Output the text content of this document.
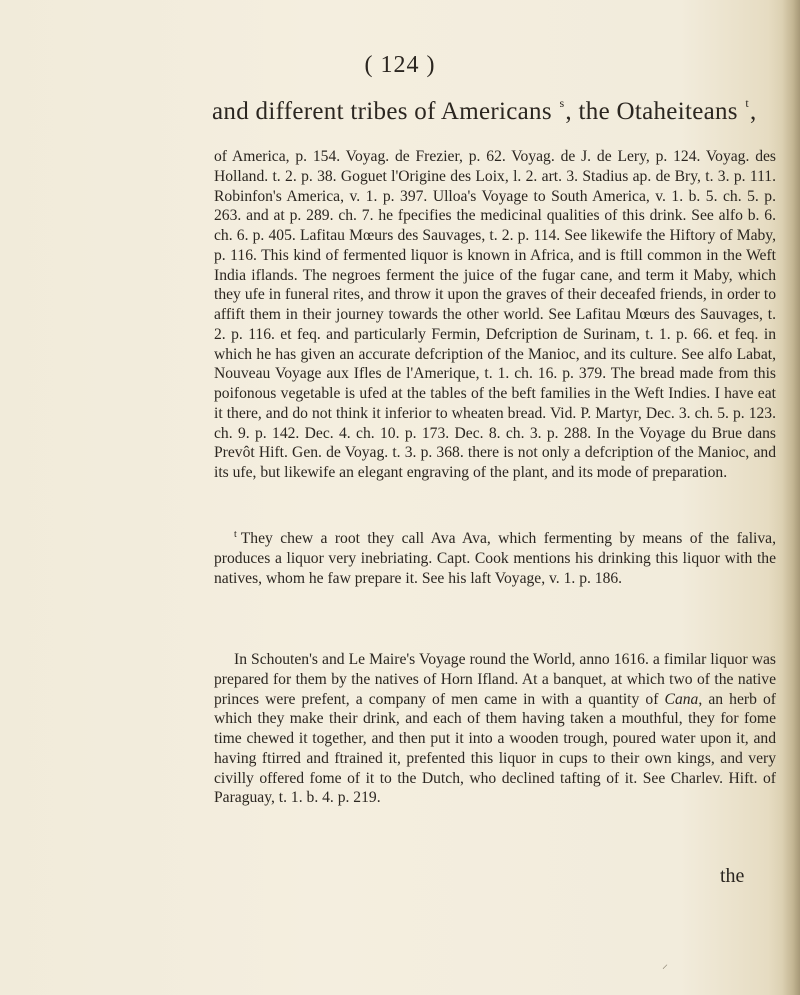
( 124 )
and different tribes of Americans $^s$, the Otaheiteans $^t$,
of America, p. 154. Voyag. de Frezier, p. 62. Voyag. de J. de Lery, p. 124. Voyag. des Holland. t. 2. p. 38. Goguet l'Origine des Loix, l. 2. art. 3. Stadius ap. de Bry, t. 3. p. 111. Robinfon's America, v. 1. p. 397. Ulloa's Voyage to South America, v. 1. b. 5. ch. 5. p. 263. and at p. 289. ch. 7. he fpecifies the medicinal qualities of this drink. See alfo b. 6. ch. 6. p. 405. Lafitau Mœurs des Sauvages, t. 2. p. 114. See likewife the Hiftory of Maby, p. 116. This kind of fermented liquor is known in Africa, and is ftill common in the Weft India iflands. The negroes ferment the juice of the fugar cane, and term it Maby, which they ufe in funeral rites, and throw it upon the graves of their deceafed friends, in order to affift them in their journey towards the other world. See Lafitau Mœurs des Sauvages, t. 2. p. 116. et feq. and particularly Fermin, Defcription de Surinam, t. 1. p. 66. et feq. in which he has given an accurate defcription of the Manioc, and its culture. See alfo Labat, Nouveau Voyage aux Ifles de l'Amerique, t. 1. ch. 16. p. 379. The bread made from this poifonous vegetable is ufed at the tables of the beft families in the Weft Indies. I have eat it there, and do not think it inferior to wheaten bread. Vid. P. Martyr, Dec. 3. ch. 5. p. 123. ch. 9. p. 142. Dec. 4. ch. 10. p. 173. Dec. 8. ch. 3. p. 288. In the Voyage du Brue dans Prevôt Hift. Gen. de Voyag. t. 3. p. 368. there is not only a defcription of the Manioc, and its ufe, but likewife an elegant engraving of the plant, and its mode of preparation.
$^t$ They chew a root they call Ava Ava, which fermenting by means of the faliva, produces a liquor very inebriating. Capt. Cook mentions his drinking this liquor with the natives, whom he faw prepare it. See his laft Voyage, v. 1. p. 186.
In Schouten's and Le Maire's Voyage round the World, anno 1616. a fimilar liquor was prepared for them by the natives of Horn Ifland. At a banquet, at which two of the native princes were prefent, a company of men came in with a quantity of Cana, an herb of which they make their drink, and each of them having taken a mouthful, they for fome time chewed it together, and then put it into a wooden trough, poured water upon it, and having ftirred and ftrained it, prefented this liquor in cups to their own kings, and very civilly offered fome of it to the Dutch, who declined tafting of it. See Charlev. Hift. of Paraguay, t. 1. b. 4. p. 219.
the
⸝
